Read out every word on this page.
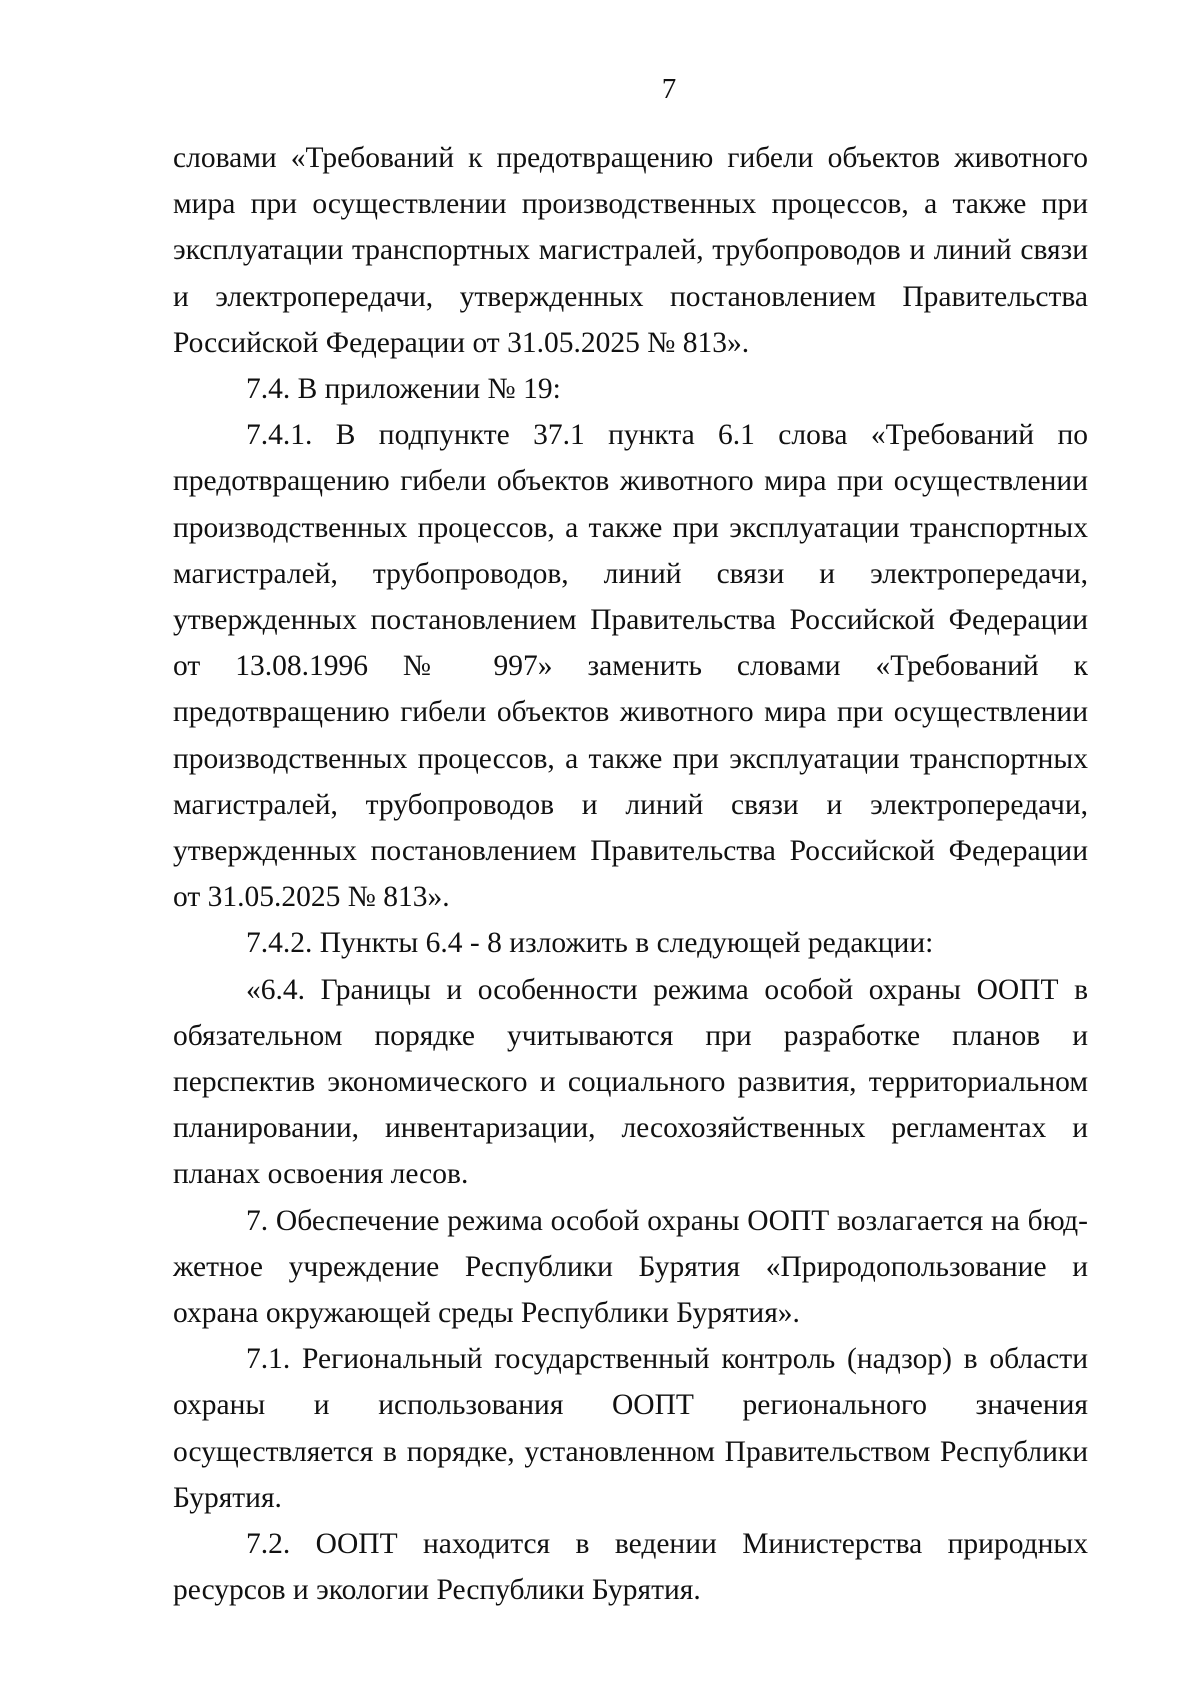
7

словами «Требований к предотвращению гибели объектов животного мира при осуществлении производственных процессов, а также при эксплуатации транспортных магистралей, трубопроводов и линий связи и электропередачи, утвержденных постановлением Правительства Российской Федерации от 31.05.2025 № 813».

7.4. В приложении № 19:

7.4.1. В подпункте 37.1 пункта 6.1 слова «Требований по предотвращению гибели объектов животного мира при осуществлении производственных процессов, а также при эксплуатации транспортных магистралей, трубопроводов, линий связи и электропередачи, утвержденных постановлением Правительства Российской Федерации от 13.08.1996 № 997» заменить словами «Требований к предотвращению гибели объектов животного мира при осуществлении производственных процессов, а также при эксплуатации транспортных магистралей, трубопроводов и линий связи и электропередачи, утвержденных постановлением Правительства Российской Федерации от 31.05.2025 № 813».

7.4.2. Пункты 6.4 - 8 изложить в следующей редакции:

«6.4. Границы и особенности режима особой охраны ООПТ в обязательном порядке учитываются при разработке планов и перспектив экономического и социального развития, территориальном планировании, инвентаризации, лесохозяйственных регламентах и планах освоения лесов.

7. Обеспечение режима особой охраны ООПТ возлагается на бюджетное учреждение Республики Бурятия «Природопользование и охрана окружающей среды Республики Бурятия».

7.1. Региональный государственный контроль (надзор) в области охраны и использования ООПТ регионального значения осуществляется в порядке, установленном Правительством Республики Бурятия.

7.2. ООПТ находится в ведении Министерства природных ресурсов и экологии Республики Бурятия.
